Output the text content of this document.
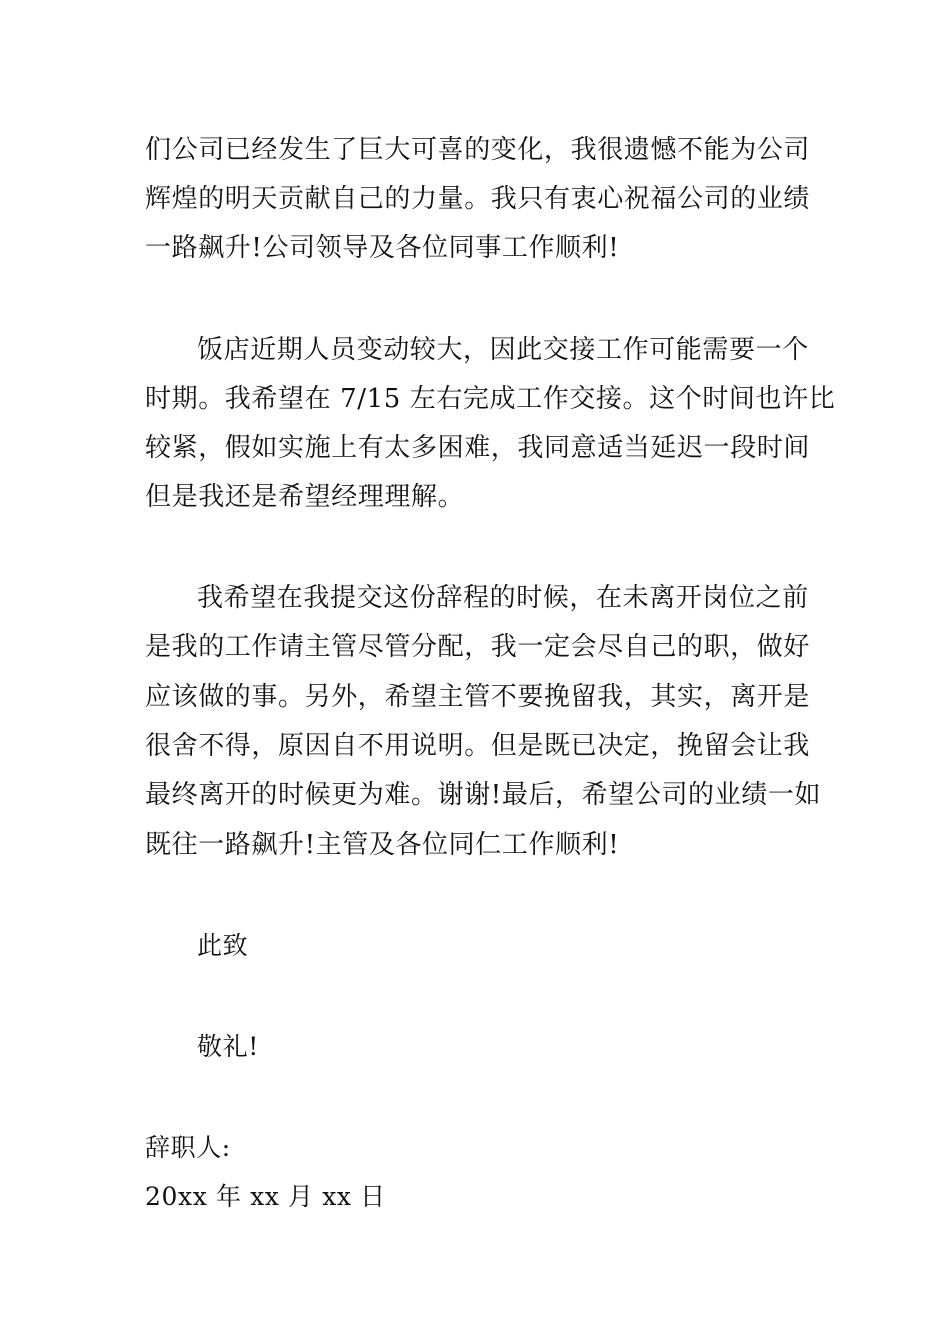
们公司已经发生了巨大可喜的变化，我很遗憾不能为公司
辉煌的明天贡献自己的力量。我只有衷心祝福公司的业绩
一路飙升!公司领导及各位同事工作顺利!
饭店近期人员变动较大，因此交接工作可能需要一个
时期。我希望在 7/15 左右完成工作交接。这个时间也许比
较紧，假如实施上有太多困难，我同意适当延迟一段时间
但是我还是希望经理理解。
我希望在我提交这份辞程的时候，在未离开岗位之前
是我的工作请主管尽管分配，我一定会尽自己的职，做好
应该做的事。另外，希望主管不要挽留我，其实，离开是
很舍不得，原因自不用说明。但是既已决定，挽留会让我
最终离开的时候更为难。谢谢!最后，希望公司的业绩一如
既往一路飙升!主管及各位同仁工作顺利!
此致
敬礼!
辞职人:
20xx 年 xx 月 xx 日
